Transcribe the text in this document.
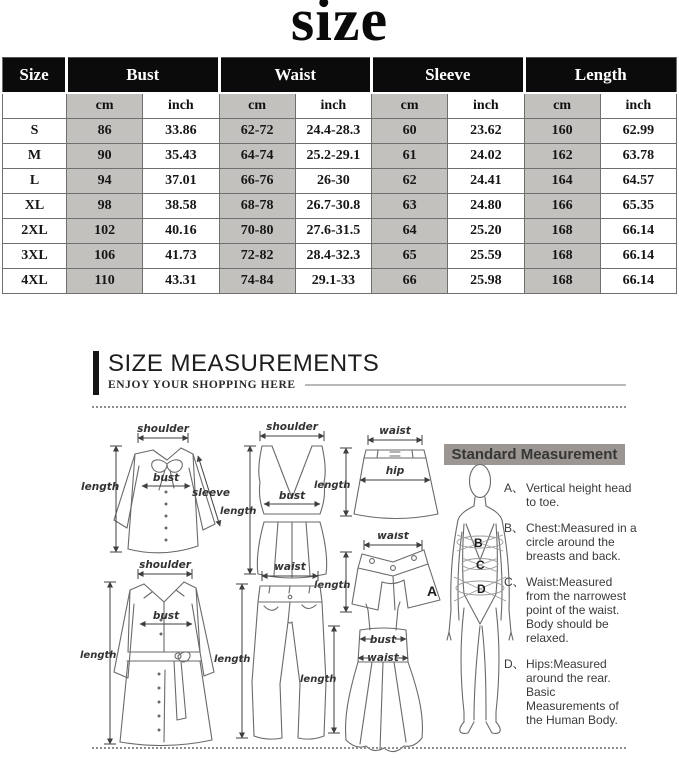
size
Size	Bust		Waist		Sleeve		Length	
	cm	inch	cm	inch	cm	inch	cm	inch
S	86	33.86	62-72	24.4-28.3	60	23.62	160	62.99
M	90	35.43	64-74	25.2-29.1	61	24.02	162	63.78
L	94	37.01	66-76	26-30	62	24.41	164	64.57
XL	98	38.58	68-78	26.7-30.8	63	24.80	166	65.35
2XL	102	40.16	70-80	27.6-31.5	64	25.20	168	66.14
3XL	106	41.73	72-82	28.4-32.3	65	25.59	168	66.14
4XL	110	43.31	74-84	29.1-33	66	25.98	168	66.14
SIZE MEASUREMENTS
ENJOY YOUR SHOPPING HERE
shoulder
bust
length	sleeve
shoulder
bust
length
waist
hip
length
waist
length
shoulder
bust
length
waist
length
bust
waist
length
Standard Measurement
A
B
C
D
A、 Vertical height head to toe.
B、 Chest:Measured in a circle around the breasts and back.
C、 Waist:Measured from the narrowest point of the waist. Body should be relaxed.
D、 Hips:Measured around the rear. Basic Measurements of the Human Body.
